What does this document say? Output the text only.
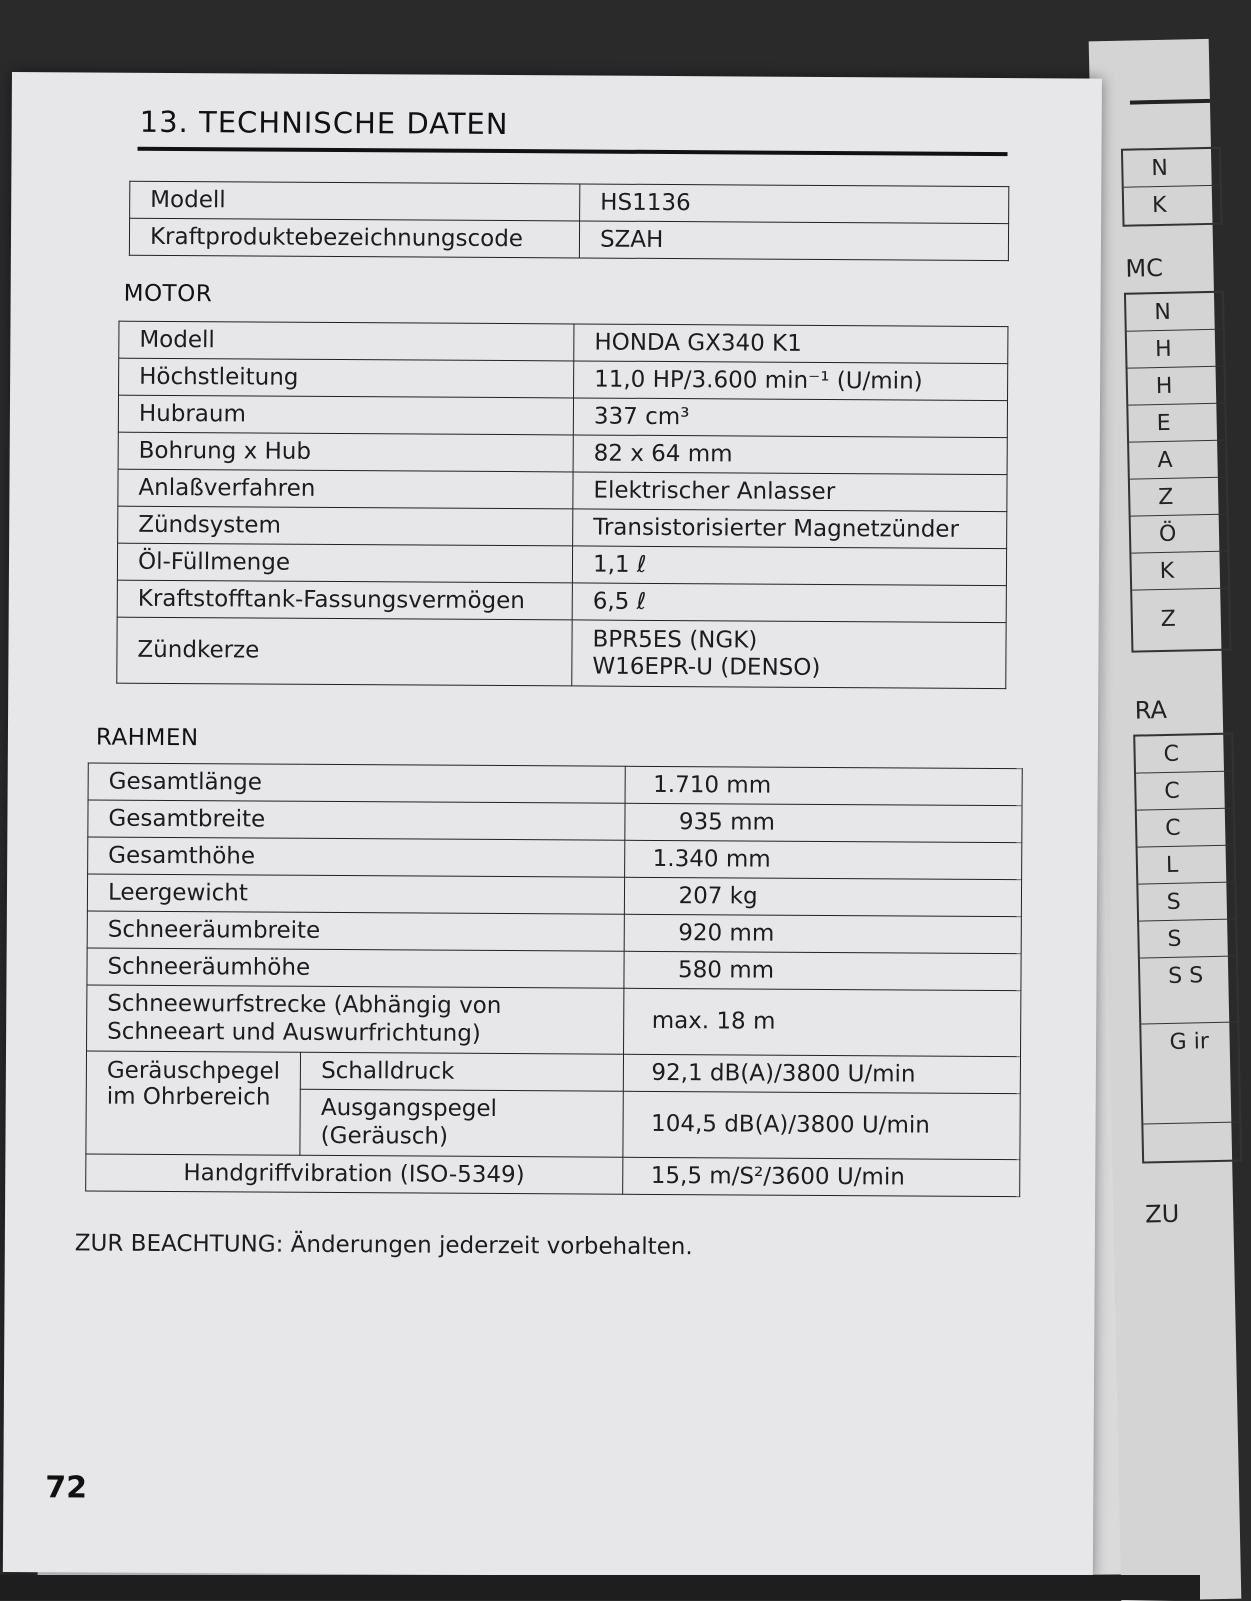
N
K
MC
N
H
H
E
A
Z
Ö
K
Z
RA
C
C
C
L
S
S
S S
G ir
ZU
13. TECHNISCHE DATEN
Modell	HS1136
Kraftproduktebezeichnungscode	SZAH
MOTOR
Modell	HONDA GX340 K1
Höchstleitung	11,0 HP/3.600 min⁻¹ (U/min)
Hubraum	337 cm³
Bohrung x Hub	82 x 64 mm
Anlaßverfahren	Elektrischer Anlasser
Zündsystem	Transistorisierter Magnetzünder
Öl-Füllmenge	1,1 ℓ
Kraftstofftank-Fassungsvermögen	6,5 ℓ
Zündkerze	BPR5ES (NGK)
W16EPR-U (DENSO)
RAHMEN
Gesamtlänge		1.710 mm
Gesamtbreite		935 mm
Gesamthöhe		1.340 mm
Leergewicht		207 kg
Schneeräumbreite		920 mm
Schneeräumhöhe		580 mm

Schneewurfstrecke (Abhängig von
Schneeart und Auswurfrichtung)		max. 18 m

Geräuschpegel
im Ohrbereich	Schalldruck	92,1 dB(A)/3800 U/min

	Ausgangspegel
(Geräusch)	104,5 dB(A)/3800 U/min
Handgriffvibration (ISO-5349)		15,5 m/S²/3600 U/min
ZUR BEACHTUNG: Änderungen jederzeit vorbehalten.
72
